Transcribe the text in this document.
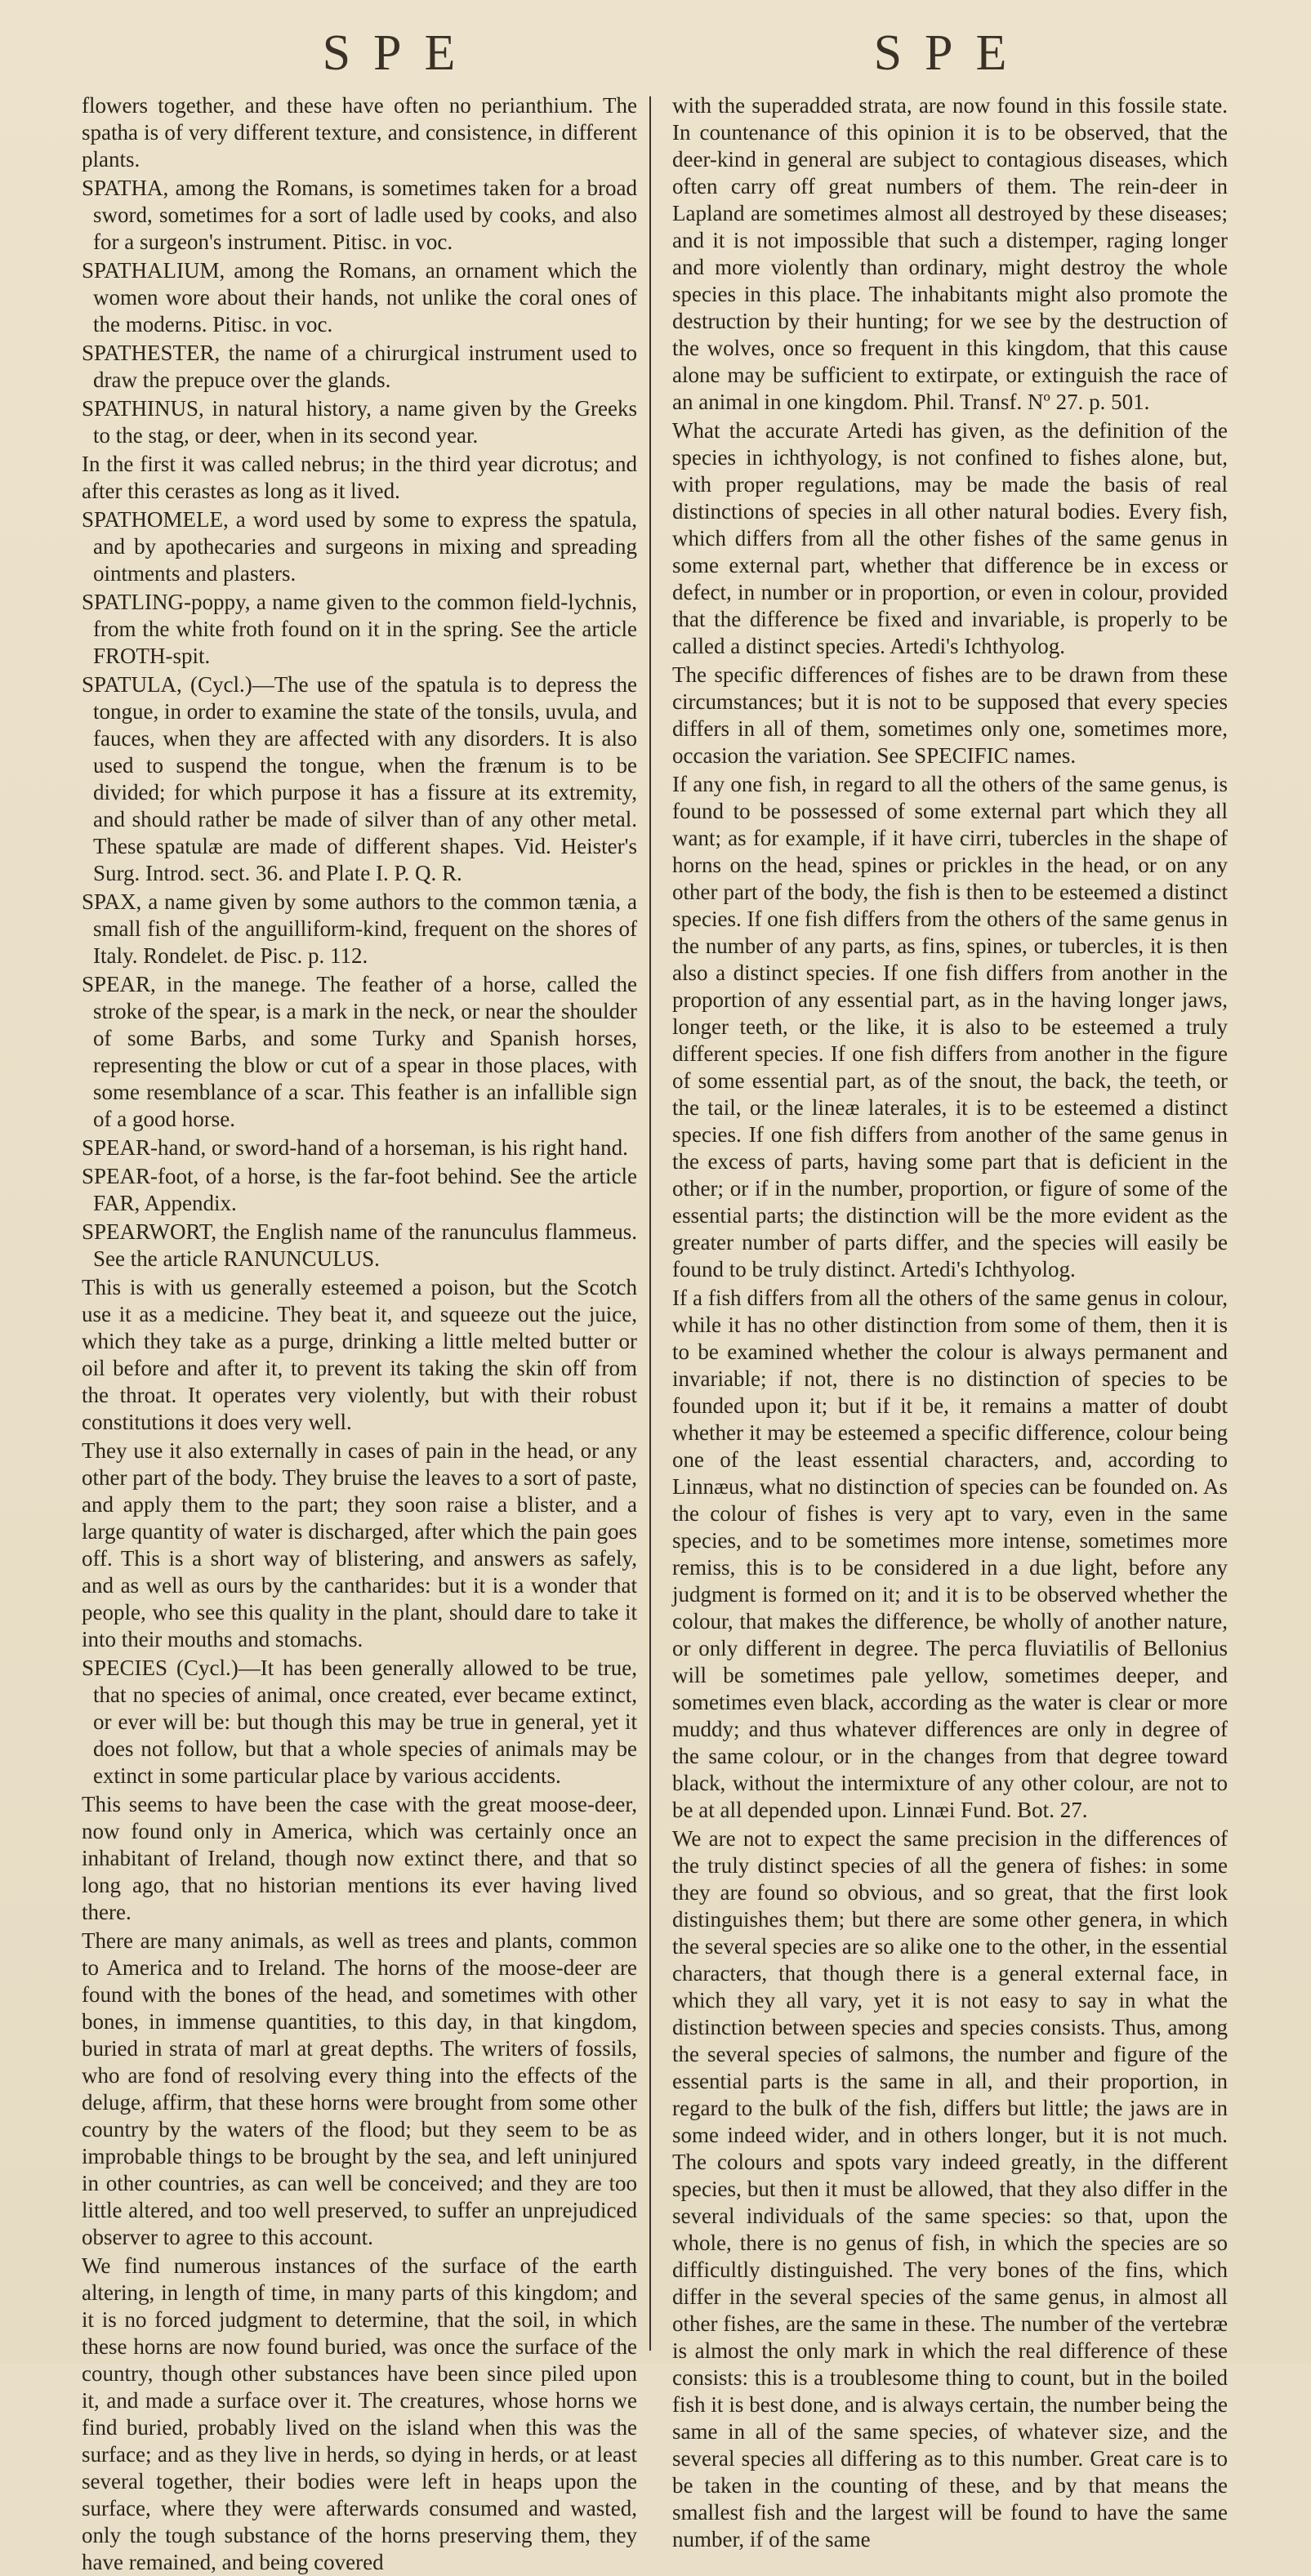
SPE	SPE

flowers together, and these have often no perianthium. The spatha is of very different texture, and consistence, in different plants.

SPATHA, among the Romans, is sometimes taken for a broad sword, sometimes for a sort of ladle used by cooks, and also for a surgeon's instrument. Pitisc. in voc.

SPATHALIUM, among the Romans, an ornament which the women wore about their hands, not unlike the coral ones of the moderns. Pitisc. in voc.

SPATHESTER, the name of a chirurgical instrument used to draw the prepuce over the glands.

SPATHINUS, in natural history, a name given by the Greeks to the stag, or deer, when in its second year.

In the first it was called nebrus; in the third year dicrotus; and after this cerastes as long as it lived.

SPATHOMELE, a word used by some to express the spatula, and by apothecaries and surgeons in mixing and spreading ointments and plasters.

SPATLING-poppy, a name given to the common field-lychnis, from the white froth found on it in the spring. See the article FROTH-spit.

SPATULA, (Cycl.)—The use of the spatula is to depress the tongue, in order to examine the state of the tonsils, uvula, and fauces, when they are affected with any disorders. It is also used to suspend the tongue, when the frænum is to be divided; for which purpose it has a fissure at its extremity, and should rather be made of silver than of any other metal. These spatulæ are made of different shapes. Vid. Heister's Surg. Introd. sect. 36. and Plate I. P. Q. R.

SPAX, a name given by some authors to the common tænia, a small fish of the anguilliform-kind, frequent on the shores of Italy. Rondelet. de Pisc. p. 112.

SPEAR, in the manege. The feather of a horse, called the stroke of the spear, is a mark in the neck, or near the shoulder of some Barbs, and some Turky and Spanish horses, representing the blow or cut of a spear in those places, with some resemblance of a scar. This feather is an infallible sign of a good horse.

SPEAR-hand, or sword-hand of a horseman, is his right hand.

SPEAR-foot, of a horse, is the far-foot behind. See the article FAR, Appendix.

SPEARWORT, the English name of the ranunculus flammeus. See the article RANUNCULUS.

This is with us generally esteemed a poison, but the Scotch use it as a medicine. They beat it, and squeeze out the juice, which they take as a purge, drinking a little melted butter or oil before and after it, to prevent its taking the skin off from the throat. It operates very violently, but with their robust constitutions it does very well.

They use it also externally in cases of pain in the head, or any other part of the body. They bruise the leaves to a sort of paste, and apply them to the part; they soon raise a blister, and a large quantity of water is discharged, after which the pain goes off. This is a short way of blistering, and answers as safely, and as well as ours by the cantharides: but it is a wonder that people, who see this quality in the plant, should dare to take it into their mouths and stomachs.

SPECIES (Cycl.)—It has been generally allowed to be true, that no species of animal, once created, ever became extinct, or ever will be: but though this may be true in general, yet it does not follow, but that a whole species of animals may be extinct in some particular place by various accidents.

This seems to have been the case with the great moose-deer, now found only in America, which was certainly once an inhabitant of Ireland, though now extinct there, and that so long ago, that no historian mentions its ever having lived there.

There are many animals, as well as trees and plants, common to America and to Ireland. The horns of the moose-deer are found with the bones of the head, and sometimes with other bones, in immense quantities, to this day, in that kingdom, buried in strata of marl at great depths. The writers of fossils, who are fond of resolving every thing into the effects of the deluge, affirm, that these horns were brought from some other country by the waters of the flood; but they seem to be as improbable things to be brought by the sea, and left uninjured in other countries, as can well be conceived; and they are too little altered, and too well preserved, to suffer an unprejudiced observer to agree to this account.

We find numerous instances of the surface of the earth altering, in length of time, in many parts of this kingdom; and it is no forced judgment to determine, that the soil, in which these horns are now found buried, was once the surface of the country, though other substances have been since piled upon it, and made a surface over it. The creatures, whose horns we find buried, probably lived on the island when this was the surface; and as they live in herds, so dying in herds, or at least several together, their bodies were left in heaps upon the surface, where they were afterwards consumed and wasted, only the tough substance of the horns preserving them, they have remained, and being covered

with the superadded strata, are now found in this fossile state. In countenance of this opinion it is to be observed, that the deer-kind in general are subject to contagious diseases, which often carry off great numbers of them. The rein-deer in Lapland are sometimes almost all destroyed by these diseases; and it is not impossible that such a distemper, raging longer and more violently than ordinary, might destroy the whole species in this place. The inhabitants might also promote the destruction by their hunting; for we see by the destruction of the wolves, once so frequent in this kingdom, that this cause alone may be sufficient to extirpate, or extinguish the race of an animal in one kingdom. Phil. Transf. Nº 27. p. 501.

What the accurate Artedi has given, as the definition of the species in ichthyology, is not confined to fishes alone, but, with proper regulations, may be made the basis of real distinctions of species in all other natural bodies. Every fish, which differs from all the other fishes of the same genus in some external part, whether that difference be in excess or defect, in number or in proportion, or even in colour, provided that the difference be fixed and invariable, is properly to be called a distinct species. Artedi's Ichthyolog.

The specific differences of fishes are to be drawn from these circumstances; but it is not to be supposed that every species differs in all of them, sometimes only one, sometimes more, occasion the variation. See SPECIFIC names.

If any one fish, in regard to all the others of the same genus, is found to be possessed of some external part which they all want; as for example, if it have cirri, tubercles in the shape of horns on the head, spines or prickles in the head, or on any other part of the body, the fish is then to be esteemed a distinct species. If one fish differs from the others of the same genus in the number of any parts, as fins, spines, or tubercles, it is then also a distinct species. If one fish differs from another in the proportion of any essential part, as in the having longer jaws, longer teeth, or the like, it is also to be esteemed a truly different species. If one fish differs from another in the figure of some essential part, as of the snout, the back, the teeth, or the tail, or the lineæ laterales, it is to be esteemed a distinct species. If one fish differs from another of the same genus in the excess of parts, having some part that is deficient in the other; or if in the number, proportion, or figure of some of the essential parts; the distinction will be the more evident as the greater number of parts differ, and the species will easily be found to be truly distinct. Artedi's Ichthyolog.

If a fish differs from all the others of the same genus in colour, while it has no other distinction from some of them, then it is to be examined whether the colour is always permanent and invariable; if not, there is no distinction of species to be founded upon it; but if it be, it remains a matter of doubt whether it may be esteemed a specific difference, colour being one of the least essential characters, and, according to Linnæus, what no distinction of species can be founded on. As the colour of fishes is very apt to vary, even in the same species, and to be sometimes more intense, sometimes more remiss, this is to be considered in a due light, before any judgment is formed on it; and it is to be observed whether the colour, that makes the difference, be wholly of another nature, or only different in degree. The perca fluviatilis of Bellonius will be sometimes pale yellow, sometimes deeper, and sometimes even black, according as the water is clear or more muddy; and thus whatever differences are only in degree of the same colour, or in the changes from that degree toward black, without the intermixture of any other colour, are not to be at all depended upon. Linnæi Fund. Bot. 27.

We are not to expect the same precision in the differences of the truly distinct species of all the genera of fishes: in some they are found so obvious, and so great, that the first look distinguishes them; but there are some other genera, in which the several species are so alike one to the other, in the essential characters, that though there is a general external face, in which they all vary, yet it is not easy to say in what the distinction between species and species consists. Thus, among the several species of salmons, the number and figure of the essential parts is the same in all, and their proportion, in regard to the bulk of the fish, differs but little; the jaws are in some indeed wider, and in others longer, but it is not much. The colours and spots vary indeed greatly, in the different species, but then it must be allowed, that they also differ in the several individuals of the same species: so that, upon the whole, there is no genus of fish, in which the species are so difficultly distinguished. The very bones of the fins, which differ in the several species of the same genus, in almost all other fishes, are the same in these. The number of the vertebræ is almost the only mark in which the real difference of these consists: this is a troublesome thing to count, but in the boiled fish it is best done, and is always certain, the number being the same in all of the same species, of whatever size, and the several species all differing as to this number. Great care is to be taken in the counting of these, and by that means the smallest fish and the largest will be found to have the same number, if of the same
